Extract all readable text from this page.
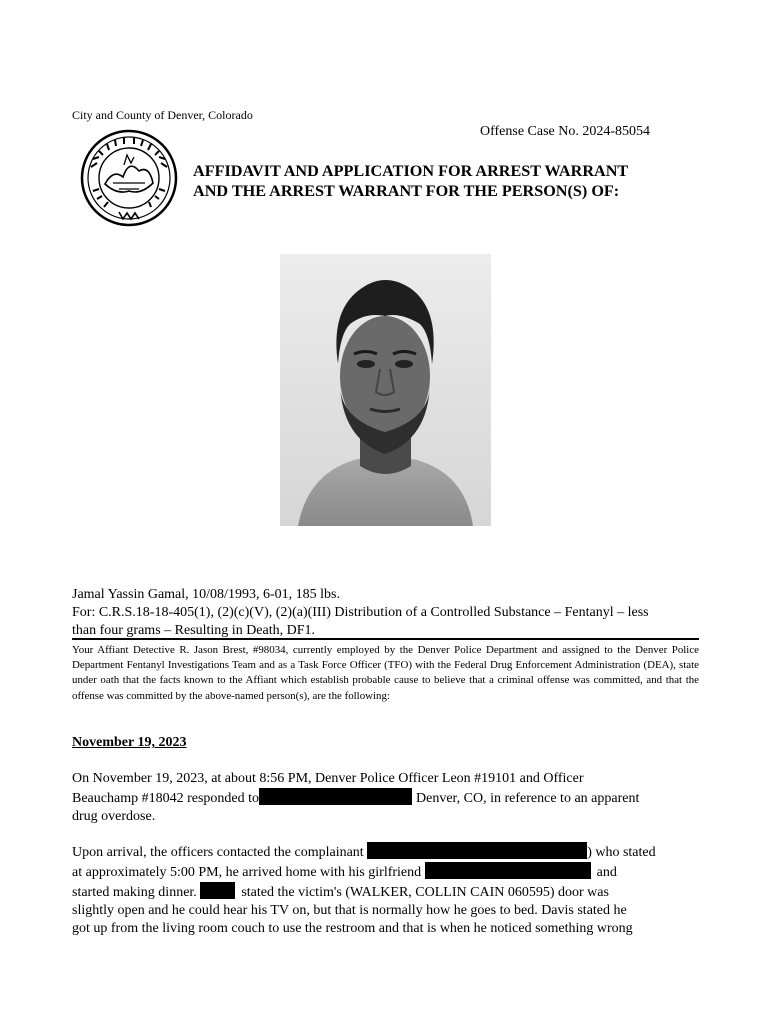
City and County of Denver, Colorado
Offense Case No. 2024-85054
AFFIDAVIT AND APPLICATION FOR ARREST WARRANT
AND THE ARREST WARRANT FOR THE PERSON(S) OF:
Jamal Yassin Gamal, 10/08/1993, 6-01, 185 lbs.
For: C.R.S.18-18-405(1), (2)(c)(V), (2)(a)(III) Distribution of a Controlled Substance – Fentanyl – less
than four grams – Resulting in Death, DF1.
Your Affiant Detective R. Jason Brest, #98034, currently employed by the Denver Police Department and assigned to the Denver Police Department Fentanyl Investigations Team and as a Task Force Officer (TFO) with the Federal Drug Enforcement Administration (DEA), state under oath that the facts known to the Affiant which establish probable cause to believe that a criminal offense was committed, and that the offense was committed by the above-named person(s), are the following:
November 19, 2023
On November 19, 2023, at about 8:56 PM, Denver Police Officer Leon #19101 and Officer
Beauchamp #18042 responded to	Denver, CO, in reference to an apparent
drug overdose.
Upon arrival, the officers contacted the complainant	) who stated
at approximately 5:00 PM, he arrived home with his girlfriend	and
started making dinner.	stated the victim's (WALKER, COLLIN CAIN 060595) door was
slightly open and he could hear his TV on, but that is normally how he goes to bed. Davis stated he
got up from the living room couch to use the restroom and that is when he noticed something wrong
